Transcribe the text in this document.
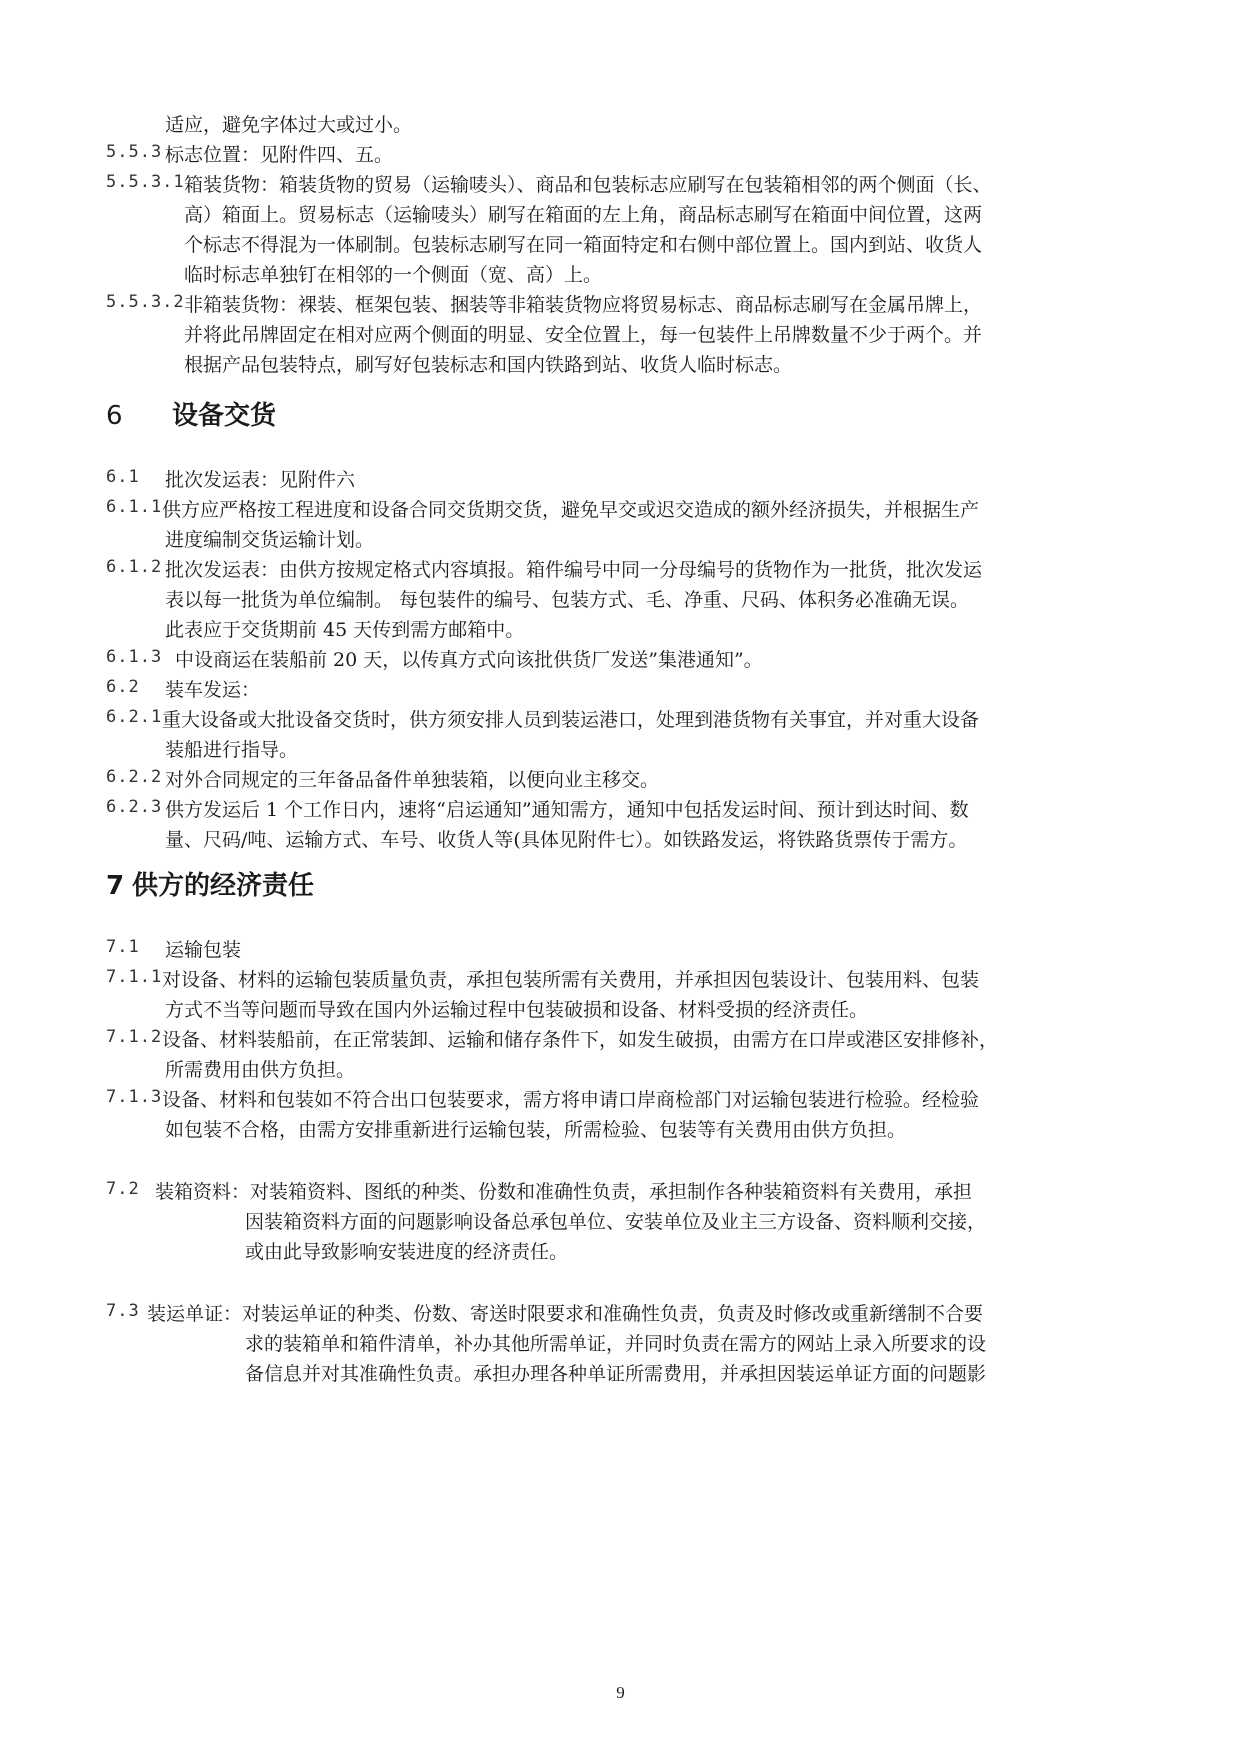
适应，避免字体过大或过小。
5.5.3 标志位置：见附件四、五。
5.5.3.1 箱装货物：箱装货物的贸易（运输唛头）、商品和包装标志应刷写在包装箱相邻的两个侧面（长、
高）箱面上。贸易标志（运输唛头）刷写在箱面的左上角，商品标志刷写在箱面中间位置，这两
个标志不得混为一体刷制。包装标志刷写在同一箱面特定和右侧中部位置上。国内到站、收货人
临时标志单独钉在相邻的一个侧面（宽、高）上。
5.5.3.2 非箱装货物：裸装、框架包装、捆装等非箱装货物应将贸易标志、商品标志刷写在金属吊牌上，
并将此吊牌固定在相对应两个侧面的明显、安全位置上，每一包装件上吊牌数量不少于两个。并
根据产品包装特点，刷写好包装标志和国内铁路到站、收货人临时标志。
6 设备交货
6.1 批次发运表：见附件六
6.1.1 供方应严格按工程进度和设备合同交货期交货，避免早交或迟交造成的额外经济损失，并根据生产
进度编制交货运输计划。
6.1.2 批次发运表：由供方按规定格式内容填报。箱件编号中同一分母编号的货物作为一批货，批次发运
表以每一批货为单位编制。 每包装件的编号、包装方式、毛、净重、尺码、体积务必准确无误。
此表应于交货期前 45 天传到需方邮箱中。
6.1.3 中设商运在装船前 20 天，以传真方式向该批供货厂发送”集港通知”。
6.2 装车发运：
6.2.1 重大设备或大批设备交货时，供方须安排人员到装运港口，处理到港货物有关事宜，并对重大设备
装船进行指导。
6.2.2 对外合同规定的三年备品备件单独装箱，以便向业主移交。
6.2.3 供方发运后 1 个工作日内，速将“启运通知”通知需方，通知中包括发运时间、预计到达时间、数
量、尺码/吨、运输方式、车号、收货人等(具体见附件七）。如铁路发运，将铁路货票传于需方。
7 供方的经济责任
7.1 运输包装
7.1.1 对设备、材料的运输包装质量负责，承担包装所需有关费用，并承担因包装设计、包装用料、包装
方式不当等问题而导致在国内外运输过程中包装破损和设备、材料受损的经济责任。
7.1.2 设备、材料装船前，在正常装卸、运输和储存条件下，如发生破损，由需方在口岸或港区安排修补，
所需费用由供方负担。
7.1.3 设备、材料和包装如不符合出口包装要求，需方将申请口岸商检部门对运输包装进行检验。经检验
如包装不合格，由需方安排重新进行运输包装，所需检验、包装等有关费用由供方负担。
7.2 装箱资料：对装箱资料、图纸的种类、份数和准确性负责，承担制作各种装箱资料有关费用，承担
因装箱资料方面的问题影响设备总承包单位、安装单位及业主三方设备、资料顺利交接，
或由此导致影响安装进度的经济责任。
7.3 装运单证：对装运单证的种类、份数、寄送时限要求和准确性负责，负责及时修改或重新缮制不合要
求的装箱单和箱件清单，补办其他所需单证，并同时负责在需方的网站上录入所要求的设
备信息并对其准确性负责。承担办理各种单证所需费用，并承担因装运单证方面的问题影
9
